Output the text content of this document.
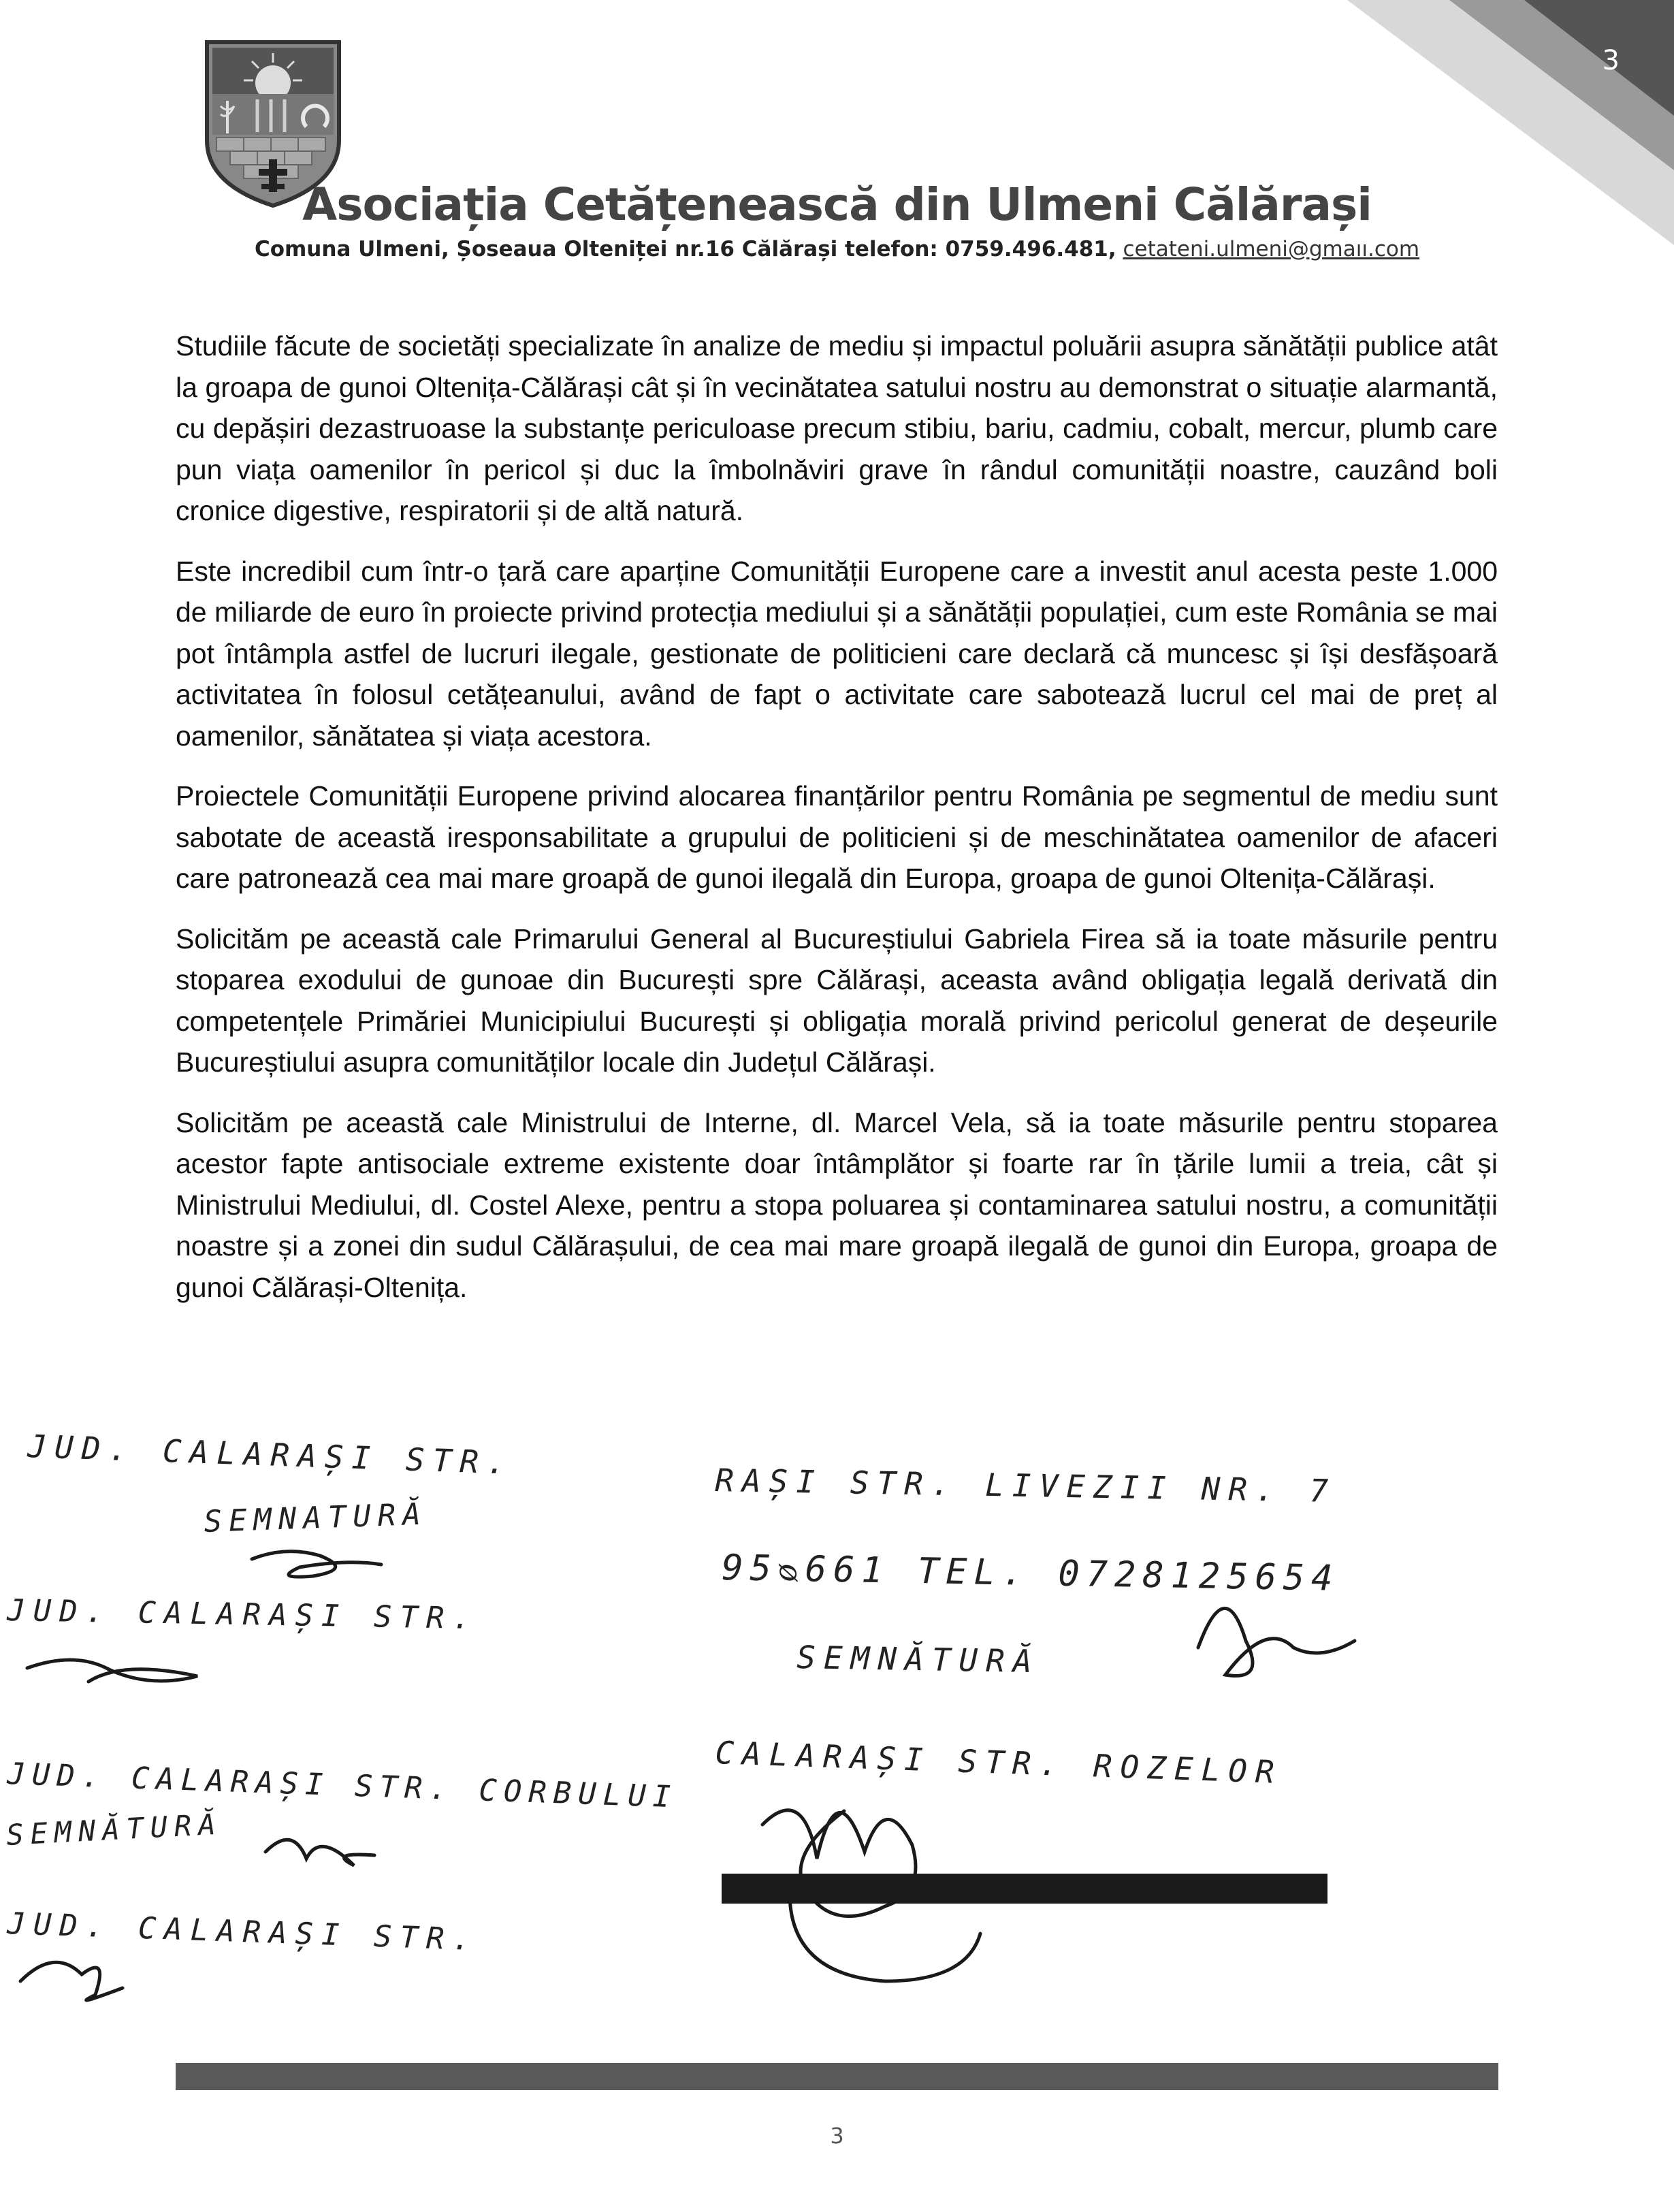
3
Asociația Cetățenească din Ulmeni Călărași
Comuna Ulmeni, Șoseaua Olteniței nr.16 Călărași telefon: 0759.496.481, cetateni.ulmeni@gmaıı.com

Studiile făcute de societăți specializate în analize de mediu și impactul poluării asupra sănătății publice atât la groapa de gunoi Oltenița-Călărași cât și în vecinătatea satului nostru au demonstrat o situație alarmantă, cu depășiri dezastruoase la substanțe periculoase precum stibiu, bariu, cadmiu, cobalt, mercur, plumb care pun viața oamenilor în pericol și duc la îmbolnăviri grave în rândul comunității noastre, cauzând boli cronice digestive, respiratorii și de altă natură.

Este incredibil cum într-o țară care aparține Comunității Europene care a investit anul acesta peste 1.000 de miliarde de euro în proiecte privind protecția mediului și a sănătății populației, cum este România se mai pot întâmpla astfel de lucruri ilegale, gestionate de politicieni care declară că muncesc și își desfășoară activitatea în folosul cetățeanului, având de fapt o activitate care sabotează lucrul cel mai de preț al oamenilor, sănătatea și viața acestora.

Proiectele Comunității Europene privind alocarea finanțărilor pentru România pe segmentul de mediu sunt sabotate de această iresponsabilitate a grupului de politicieni și de meschinătatea oamenilor de afaceri care patronează cea mai mare groapă de gunoi ilegală din Europa, groapa de gunoi Oltenița-Călărași.

Solicităm pe această cale Primarului General al Bucureștiului Gabriela Firea să ia toate măsurile pentru stoparea exodului de gunoae din București spre Călărași, aceasta având obligația legală derivată din competențele Primăriei Municipiului București și obligația morală privind pericolul generat de deșeurile Bucureștiului asupra comunităților locale din Județul Călărași.

Solicităm pe această cale Ministrului de Interne, dl. Marcel Vela, să ia toate măsurile pentru stoparea acestor fapte antisociale extreme existente doar întâmplător și foarte rar în țările lumii a treia, cât și Ministrului Mediului, dl. Costel Alexe, pentru a stopa poluarea și contaminarea satului nostru, a comunității noastre și a zonei din sudul Călărașului, de cea mai mare groapă ilegală de gunoi din Europa, groapa de gunoi Călărași-Oltenița.

JUD. CALARAȘI STR.
SEMNATURĂ
JUD. CALARAȘI STR.
JUD. CALARAȘI STR. CORBULUI
SEMNĂTURĂ
JUD. CALARAȘI STR.
RAȘI STR. LIVEZII NR. 7
95ᴓ661 TEL. 0728125654
SEMNĂTURĂ
CALARAȘI STR. ROZELOR
3
